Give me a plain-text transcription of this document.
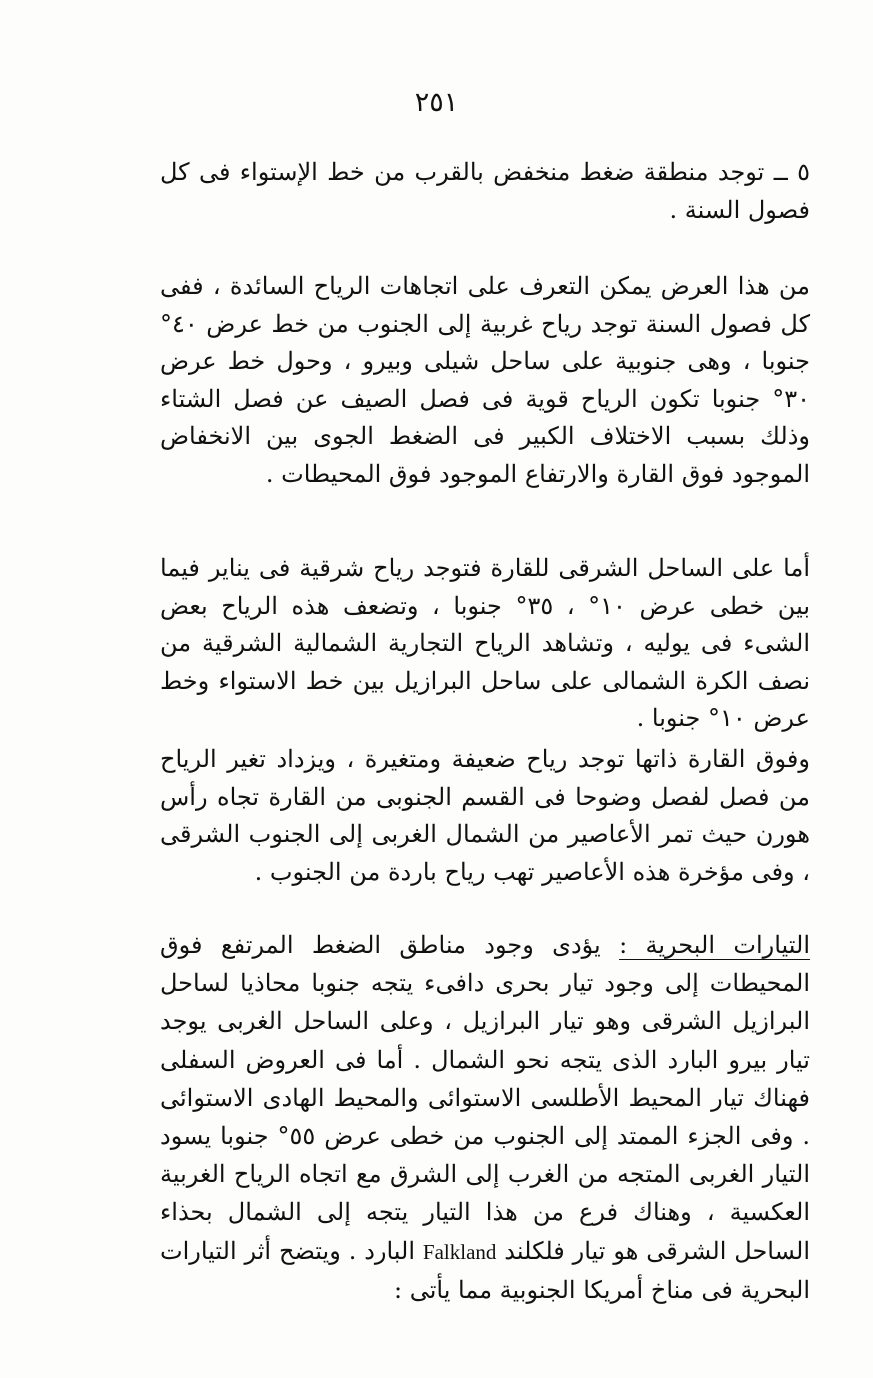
٢٥١

٥ ــ توجد منطقة ضغط منخفض بالقرب من خط الإستواء فى كل فصول السنة .

من هذا العرض يمكن التعرف على اتجاهات الرياح السائدة ، ففى كل فصول السنة توجد رياح غربية إلى الجنوب من خط عرض ٤٠° جنوبا ، وهى جنوبية على ساحل شيلى وبيرو ، وحول خط عرض ٣٠° جنوبا تكون الرياح قوية فى فصل الصيف عن فصل الشتاء وذلك بسبب الاختلاف الكبير فى الضغط الجوى بين الانخفاض الموجود فوق القارة والارتفاع الموجود فوق المحيطات .

أما على الساحل الشرقى للقارة فتوجد رياح شرقية فى يناير فيما بين خطى عرض ١٠° ، ٣٥° جنوبا ، وتضعف هذه الرياح بعض الشىء فى يوليه ، وتشاهد الرياح التجارية الشمالية الشرقية من نصف الكرة الشمالى على ساحل البرازيل بين خط الاستواء وخط عرض ١٠° جنوبا .

وفوق القارة ذاتها توجد رياح ضعيفة ومتغيرة ، ويزداد تغير الرياح من فصل لفصل وضوحا فى القسم الجنوبى من القارة تجاه رأس هورن حيث تمر الأعاصير من الشمال الغربى إلى الجنوب الشرقى ، وفى مؤخرة هذه الأعاصير تهب رياح باردة من الجنوب .

التيارات البحرية : يؤدى وجود مناطق الضغط المرتفع فوق المحيطات إلى وجود تيار بحرى دافىء يتجه جنوبا محاذيا لساحل البرازيل الشرقى وهو تيار البرازيل ، وعلى الساحل الغربى يوجد تيار بيرو البارد الذى يتجه نحو الشمال . أما فى العروض السفلى فهناك تيار المحيط الأطلسى الاستوائى والمحيط الهادى الاستوائى . وفى الجزء الممتد إلى الجنوب من خطى عرض ٥٥° جنوبا يسود التيار الغربى المتجه من الغرب إلى الشرق مع اتجاه الرياح الغربية العكسية ، وهناك فرع من هذا التيار يتجه إلى الشمال بحذاء الساحل الشرقى هو تيار فلكلند Falkland البارد . ويتضح أثر التيارات البحرية فى مناخ أمريكا الجنوبية مما يأتى :
